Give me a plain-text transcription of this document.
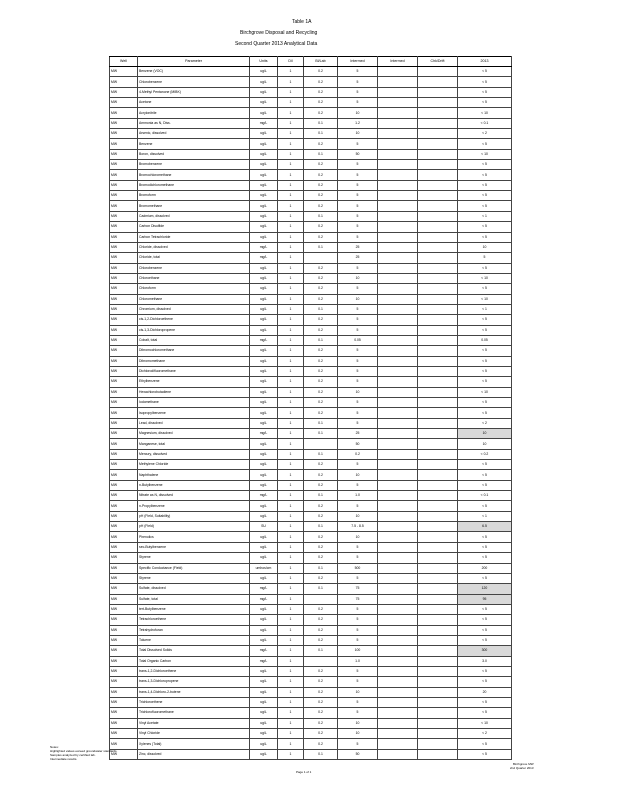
Table 1A
Birchgrove Disposal and Recycling
Second Quarter 2013 Analytical Data
Well	Parameter	Units	Dil	Bl/Lab	Intermed	Intermed	Chk/Drift	2013
MW	Benzene (VOC)	ug/L	1	0.2	5			< 5
MW	Chlorobenzene	ug/L	1	0.2	5			< 5
MW	4-Methyl Pentanone (MIBK)	ug/L	1	0.2	5			< 5
MW	Acetone	ug/L	1	0.2	5			< 5
MW	Acrylonitrile	ug/L	1	0.2	10			< 10
MW	Ammonia as N, Diss.	mg/L	1	0.1	1.2			< 0.1
MW	Arsenic, dissolved	ug/L	1	0.1	10			< 2
MW	Benzene	ug/L	1	0.2	5			< 5
MW	Boron, dissolved	ug/L	1	0.1	50			< 10
MW	Bromobenzene	ug/L	1	0.2	5			< 5
MW	Bromochloromethane	ug/L	1	0.2	5			< 5
MW	Bromodichloromethane	ug/L	1	0.2	5			< 5
MW	Bromoform	ug/L	1	0.2	5			< 5
MW	Bromomethane	ug/L	1	0.2	5			< 5
MW	Cadmium, dissolved	ug/L	1	0.1	5			< 1
MW	Carbon Disulfide	ug/L	1	0.2	5			< 5
MW	Carbon Tetrachloride	ug/L	1	0.2	5			< 5
MW	Chloride, dissolved	mg/L	1	0.1	25			10
MW	Chloride, total	mg/L	1		25			5
MW	Chlorobenzene	ug/L	1	0.2	5			< 5
MW	Chloroethane	ug/L	1	0.2	10			< 10
MW	Chloroform	ug/L	1	0.2	5			< 5
MW	Chloromethane	ug/L	1	0.2	10			< 10
MW	Chromium, dissolved	ug/L	1	0.1	5			< 1
MW	cis-1,2-Dichloroethene	ug/L	1	0.2	5			< 5
MW	cis-1,3-Dichloropropene	ug/L	1	0.2	5			< 5
MW	Cobalt, total	mg/L	1	0.1	0.05			0.05
MW	Dibromochloromethane	ug/L	1	0.2	5			< 5
MW	Dibromomethane	ug/L	1	0.2	5			< 5
MW	Dichlorodifluoromethane	ug/L	1	0.2	5			< 5
MW	Ethylbenzene	ug/L	1	0.2	5			< 5
MW	Hexachlorobutadiene	ug/L	1	0.2	10			< 10
MW	Iodomethane	ug/L	1	0.2	5			< 5
MW	Isopropylbenzene	ug/L	1	0.2	5			< 5
MW	Lead, dissolved	ug/L	1	0.1	5			< 2
MW	Magnesium, dissolved	mg/L	1	0.1	25			10
MW	Manganese, total	ug/L	1		50			10
MW	Mercury, dissolved	ug/L	1	0.1	0.2			< 0.2
MW	Methylene Chloride	ug/L	1	0.2	5			< 5
MW	Naphthalene	ug/L	1	0.2	10			< 5
MW	n-Butylbenzene	ug/L	1	0.2	5			< 5
MW	Nitrate as N, dissolved	mg/L	1	0.1	1.0			< 0.1
MW	n-Propylbenzene	ug/L	1	0.2	5			< 5
MW	pH (Field, Suitability)	ug/L	1	0.2	10			< 1
MW	pH (Field)	SU	1	0.1	7.5 - 8.5			6.5
MW	Phenolics	ug/L	1	0.2	10			< 5
MW	sec-Butylbenzene	ug/L	1	0.2	5			< 5
MW	Styrene	ug/L	1	0.2	5			< 5
MW	Specific Conductance (Field)	umhos/cm	1	0.1	500			200
MW	Styrene	ug/L	1	0.2	5			< 5
MW	Sulfate, dissolved	mg/L	1	0.1	75			120
MW	Sulfate, total	mg/L	1		75			95
MW	tert-Butylbenzene	ug/L	1	0.2	5			< 5
MW	Tetrachloroethene	ug/L	1	0.2	5			< 5
MW	Tetrahydrofuran	ug/L	1	0.2	5			< 5
MW	Toluene	ug/L	1	0.2	5			< 5
MW	Total Dissolved Solids	mg/L	1	0.1	100			300
MW	Total Organic Carbon	mg/L	1		1.0			3.0
MW	trans-1,2-Dichloroethene	ug/L	1	0.2	5			< 5
MW	trans-1,3-Dichloropropene	ug/L	1	0.2	5			< 5
MW	trans-1,4-Dichloro-2-butene	ug/L	1	0.2	10			20
MW	Trichloroethene	ug/L	1	0.2	5			< 5
MW	Trichlorofluoromethane	ug/L	1	0.2	5			< 5
MW	Vinyl Acetate	ug/L	1	0.2	10			< 10
MW	Vinyl Chloride	ug/L	1	0.2	10			< 2
MW	Xylenes (Total)	ug/L	1	0.2	5			< 5
MW	Zinc, dissolved	ug/L	1	0.1	50			< 5
Notes:
Highlighted values exceed groundwater standards.
Samples analyzed by certified lab.
Intermediate results.
Page 1 of 1
Birchgrove MW
2nd Quarter 2013
